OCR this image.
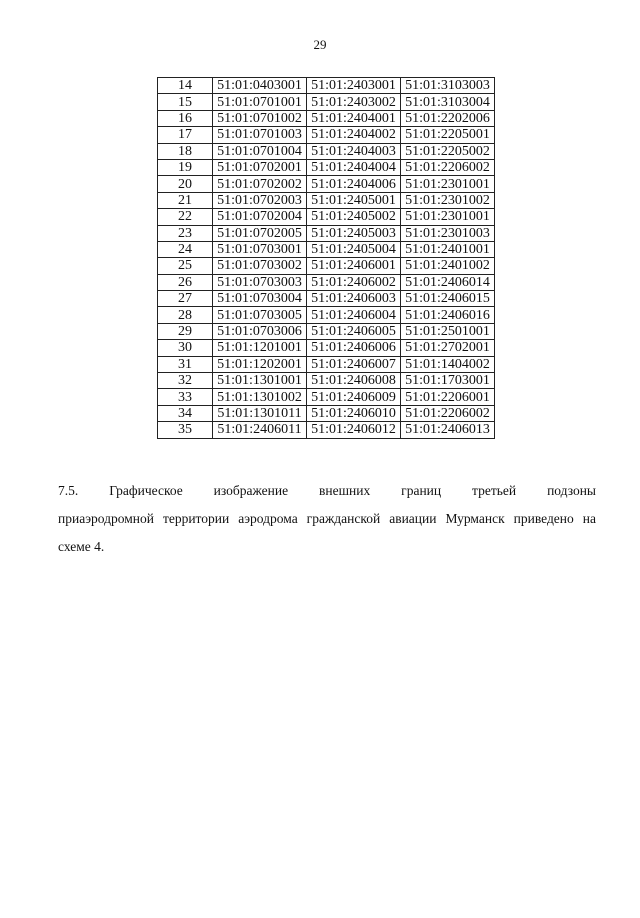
29
14	51:01:0403001	51:01:2403001	51:01:3103003
15	51:01:0701001	51:01:2403002	51:01:3103004
16	51:01:0701002	51:01:2404001	51:01:2202006
17	51:01:0701003	51:01:2404002	51:01:2205001
18	51:01:0701004	51:01:2404003	51:01:2205002
19	51:01:0702001	51:01:2404004	51:01:2206002
20	51:01:0702002	51:01:2404006	51:01:2301001
21	51:01:0702003	51:01:2405001	51:01:2301002
22	51:01:0702004	51:01:2405002	51:01:2301001
23	51:01:0702005	51:01:2405003	51:01:2301003
24	51:01:0703001	51:01:2405004	51:01:2401001
25	51:01:0703002	51:01:2406001	51:01:2401002
26	51:01:0703003	51:01:2406002	51:01:2406014
27	51:01:0703004	51:01:2406003	51:01:2406015
28	51:01:0703005	51:01:2406004	51:01:2406016
29	51:01:0703006	51:01:2406005	51:01:2501001
30	51:01:1201001	51:01:2406006	51:01:2702001
31	51:01:1202001	51:01:2406007	51:01:1404002
32	51:01:1301001	51:01:2406008	51:01:1703001
33	51:01:1301002	51:01:2406009	51:01:2206001
34	51:01:1301011	51:01:2406010	51:01:2206002
35	51:01:2406011	51:01:2406012	51:01:2406013
7.5. Графическое изображение внешних границ третьей подзоны
приаэродромной территории аэродрома гражданской авиации Мурманск приведено на
схеме 4.
